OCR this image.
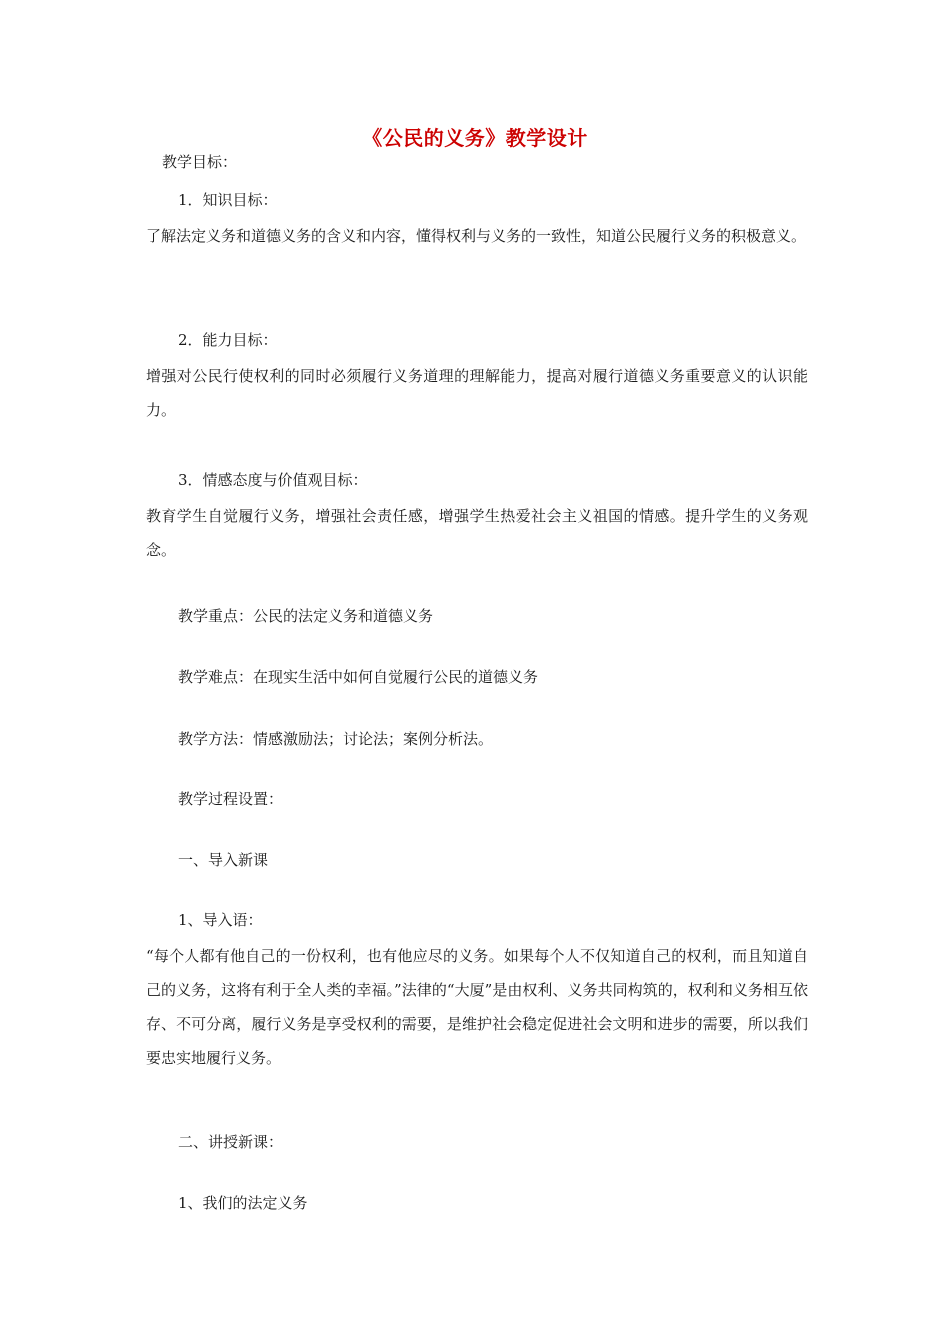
《公民的义务》教学设计
教学目标：
1．知识目标：
了解法定义务和道德义务的含义和内容，懂得权利与义务的一致性，知道公民履行义务的积极意义。
2．能力目标：
增强对公民行使权利的同时必须履行义务道理的理解能力，提高对履行道德义务重要意义的认识能力。
3．情感态度与价值观目标：
教育学生自觉履行义务，增强社会责任感，增强学生热爱社会主义祖国的情感。提升学生的义务观念。
教学重点：公民的法定义务和道德义务
教学难点：在现实生活中如何自觉履行公民的道德义务
教学方法：情感激励法；讨论法；案例分析法。
教学过程设置：
一、导入新课
1、导入语：
“每个人都有他自己的一份权利，也有他应尽的义务。如果每个人不仅知道自己的权利，而且知道自己的义务，这将有利于全人类的幸福。”法律的“大厦”是由权利、义务共同构筑的，权利和义务相互依存、不可分离，履行义务是享受权利的需要，是维护社会稳定促进社会文明和进步的需要，所以我们要忠实地履行义务。
二、讲授新课：
1、我们的法定义务
